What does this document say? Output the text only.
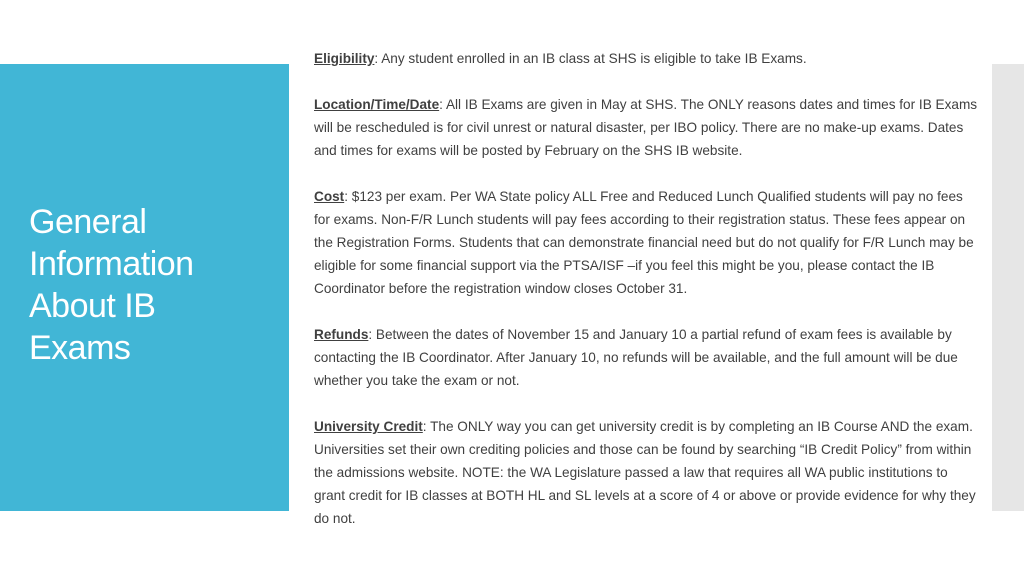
General
Information
About IB
Exams

Eligibility: Any student enrolled in an IB class at SHS is eligible to take IB Exams.

Location/Time/Date: All IB Exams are given in May at SHS. The ONLY reasons dates and times for IB Exams will be rescheduled is for civil unrest or natural disaster, per IBO policy. There are no make-up exams. Dates and times for exams will be posted by February on the SHS IB website.

Cost: $123 per exam. Per WA State policy ALL Free and Reduced Lunch Qualified students will pay no fees for exams. Non-F/R Lunch students will pay fees according to their registration status. These fees appear on the Registration Forms. Students that can demonstrate financial need but do not qualify for F/R Lunch may be eligible for some financial support via the PTSA/ISF –if you feel this might be you, please contact the IB Coordinator before the registration window closes October 31.

Refunds: Between the dates of November 15 and January 10 a partial refund of exam fees is available by contacting the IB Coordinator. After January 10, no refunds will be available, and the full amount will be due whether you take the exam or not.

University Credit: The ONLY way you can get university credit is by completing an IB Course AND the exam. Universities set their own crediting policies and those can be found by searching “IB Credit Policy” from within the admissions website. NOTE: the WA Legislature passed a law that requires all WA public institutions to grant credit for IB classes at BOTH HL and SL levels at a score of 4 or above or provide evidence for why they do not.
